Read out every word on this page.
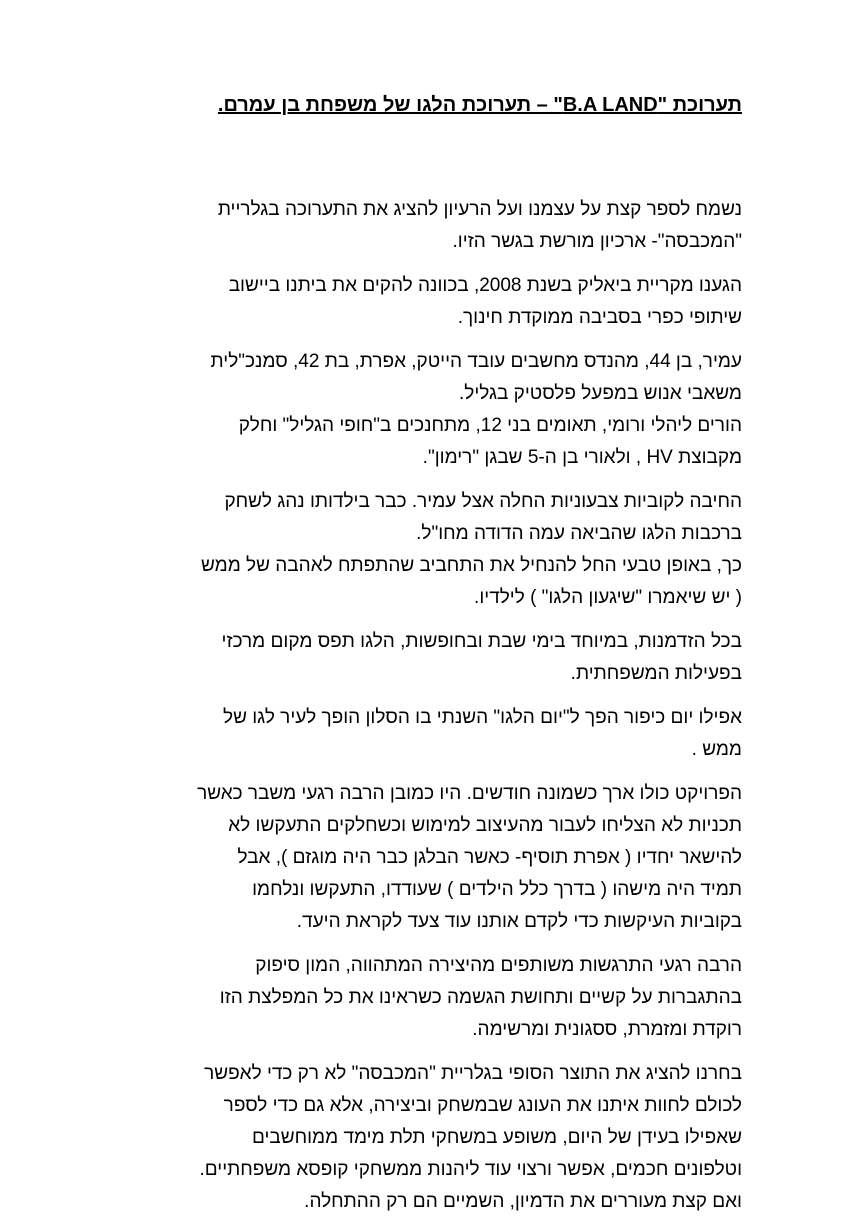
תערוכת "B.A LAND" – תערוכת הלגו של משפחת בן עמרם.
נשמח לספר קצת על עצמנו ועל הרעיון להציג את התערוכה בגלריית
"המכבסה"- ארכיון מורשת בגשר הזיו.
הגענו מקריית ביאליק בשנת 2008, בכוונה להקים את ביתנו ביישוב
שיתופי כפרי בסביבה ממוקדת חינוך.
עמיר, בן 44, מהנדס מחשבים עובד הייטק, אפרת, בת 42, סמנכ"לית
משאבי אנוש במפעל פלסטיק בגליל.
הורים ליהלי ורומי, תאומים בני 12, מתחנכים ב"חופי הגליל" וחלק
מקבוצת HV , ולאורי בן ה-5 שבגן "רימון".
החיבה לקוביות צבעוניות החלה אצל עמיר. כבר בילדותו נהג לשחק
ברכבות הלגו שהביאה עמה הדודה מחו"ל.
כך, באופן טבעי החל להנחיל את התחביב שהתפתח לאהבה של ממש
( יש שיאמרו "שיגעון הלגו" ) לילדיו.
בכל הזדמנות, במיוחד בימי שבת ובחופשות, הלגו תפס מקום מרכזי
בפעילות המשפחתית.
אפילו יום כיפור הפך ל"יום הלגו" השנתי בו הסלון הופך לעיר לגו של
ממש .
הפרויקט כולו ארך כשמונה חודשים. היו כמובן הרבה רגעי משבר כאשר
תכניות לא הצליחו לעבור מהעיצוב למימוש וכשחלקים התעקשו לא
להישאר יחדיו ( אפרת תוסיף- כאשר הבלגן כבר היה מוגזם ), אבל
תמיד היה מישהו ( בדרך כלל הילדים ) שעודדו, התעקשו ונלחמו
בקוביות העיקשות כדי לקדם אותנו עוד צעד לקראת היעד.
הרבה רגעי התרגשות משותפים מהיצירה המתהווה, המון סיפוק
בהתגברות על קשיים ותחושת הגשמה כשראינו את כל המפלצת הזו
רוקדת ומזמרת, ססגונית ומרשימה.
בחרנו להציג את התוצר הסופי בגלריית "המכבסה" לא רק כדי לאפשר
לכולם לחוות איתנו את העונג שבמשחק וביצירה, אלא גם כדי לספר
שאפילו בעידן של היום, משופע במשחקי תלת מימד ממוחשבים
וטלפונים חכמים, אפשר ורצוי עוד ליהנות ממשחקי קופסא משפחתיים.
ואם קצת מעוררים את הדמיון, השמיים הם רק ההתחלה.
